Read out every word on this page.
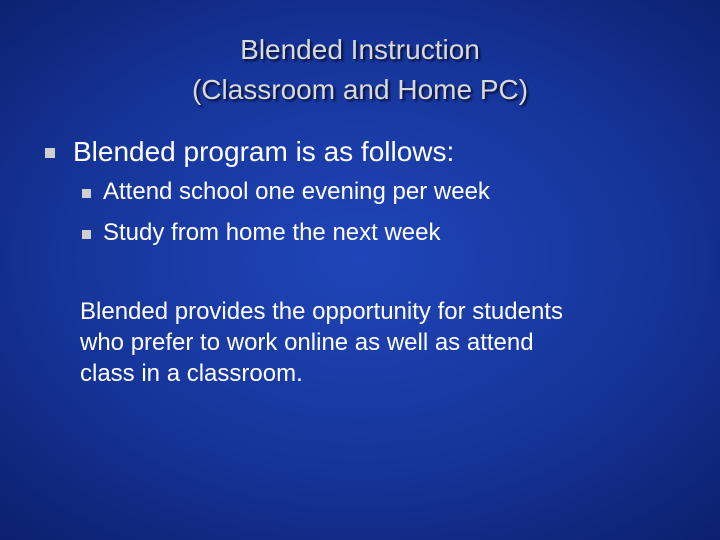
Blended Instruction
(Classroom and Home PC)
Blended program is as follows:
Attend school one evening per week
Study from home the next week
Blended provides the opportunity for students
who prefer to work online as well as attend
class in a classroom.
